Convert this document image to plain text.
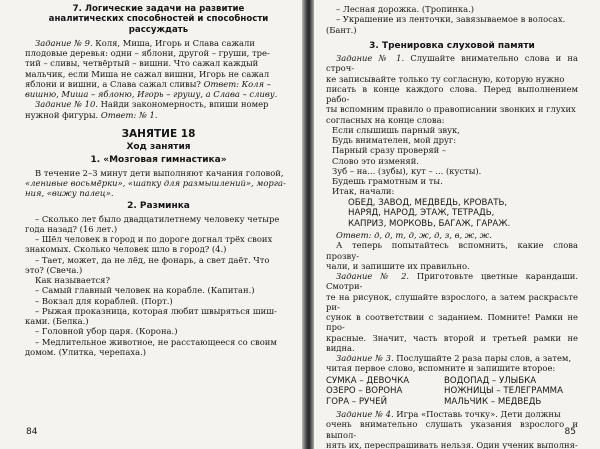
7. Логические задачи на развитие
аналитических способностей и способности рассуждать

Задание № 9. Коля, Миша, Игорь и Слава сажали

плодовые деревья: одни – яблони, другой – груши, тре-

тий – сливы, четвёртый – вишни. Что сажал каждый

мальчик, если Миша не сажал вишни, Игорь не сажал

яблони и вишни, а Слава сажал сливы? Ответ: Коля –

вишню, Миша – яблоню, Игорь – грушу, а Слава – сливу.

Задание № 10. Найди закономерность, впиши номер

нужной фигуры. Ответ: № 1.

ЗАНЯТИЕ 18
Ход занятия
1. «Мозговая гимнастика»

В течение 2–3 минут дети выполняют качания головой,

«ленивые восьмёрки», «шапку для размышлений», морга-

ния, «вижу палец».

2. Разминка

– Сколько лет было двадцатилетнему человеку четыре

года назад? (16 лет.)

– Шёл человек в город и по дороге догнал трёх своих

знакомых. Сколько человек шло в город? (4.)

– Тает, может, да не лёд, не фонарь, а свет даёт. Что

это? (Свеча.)

Как называется?

– Самый главный человек на корабле. (Капитан.)

– Вокзал для кораблей. (Порт.)

– Рыжая проказница, которая любит швыряться шиш-

ками. (Белка.)

– Головной убор царя. (Корона.)

– Медлительное животное, не расстающееся со своим

домом. (Улитка, черепаха.)

84

– Лесная дорожка. (Тропинка.)

– Украшение из ленточки, завязываемое в волосах.

(Бант.)

3. Тренировка слуховой памяти

Задание № 1. Слушайте внимательно слова и на строч-

ке записывайте только ту согласную, которую нужно

писать в конце каждого слова. Перед выполнением рабо-

ты вспомним правило о правописании звонких и глухих

согласных на конце слова:

Если слышишь парный звук,

Будь внимателен, мой друг:

Парный сразу проверяй –

Слово это изменяй.

Зуб – на... (зубы), кут – ... (кусты).

Будешь грамотным и ты.

Итак, начали:

ОБЕД, ЗАВОД, МЕДВЕДЬ, КРОВАТЬ,
НАРЯД, НАРОД, ЭТАЖ, ТЕТРАДЬ,
КАПРИЗ, МОРКОВЬ, БАГАЖ, ГАРАЖ.

Ответ: д, д, т, д, ж, д, з, в, ж, ж.

А теперь попытайтесь вспомнить, какие слова прозву-

чали, и запишите их правильно.

Задание № 2. Приготовьте цветные карандаши. Смотри-

те на рисунок, слушайте взрослого, а затем раскрасьте ри-

сунок в соответствии с заданием. Помните! Рамки не про-

красные. Значит, часть второй и третьей рамки не видна.

Задание № 3. Послушайте 2 раза пары слов, а затем,

читая первое слово, вспомните и запишите второе:

СУМКА – ДЕВОЧКА	ВОДОПАД – УЛЫБКА
ОЗЕРО – ВОРОНА	НОЖНИЦЫ – ТЕЛЕГРАММА
ГОРА – РУЧЕЙ	МАЛЬЧИК – МЕДВЕДЬ

Задание № 4. Игра «Поставь точку». Дети должны

очень внимательно слушать указания взрослого и выпол-

нять их, переспрашивать нельзя. Один ученик выполня-

85
